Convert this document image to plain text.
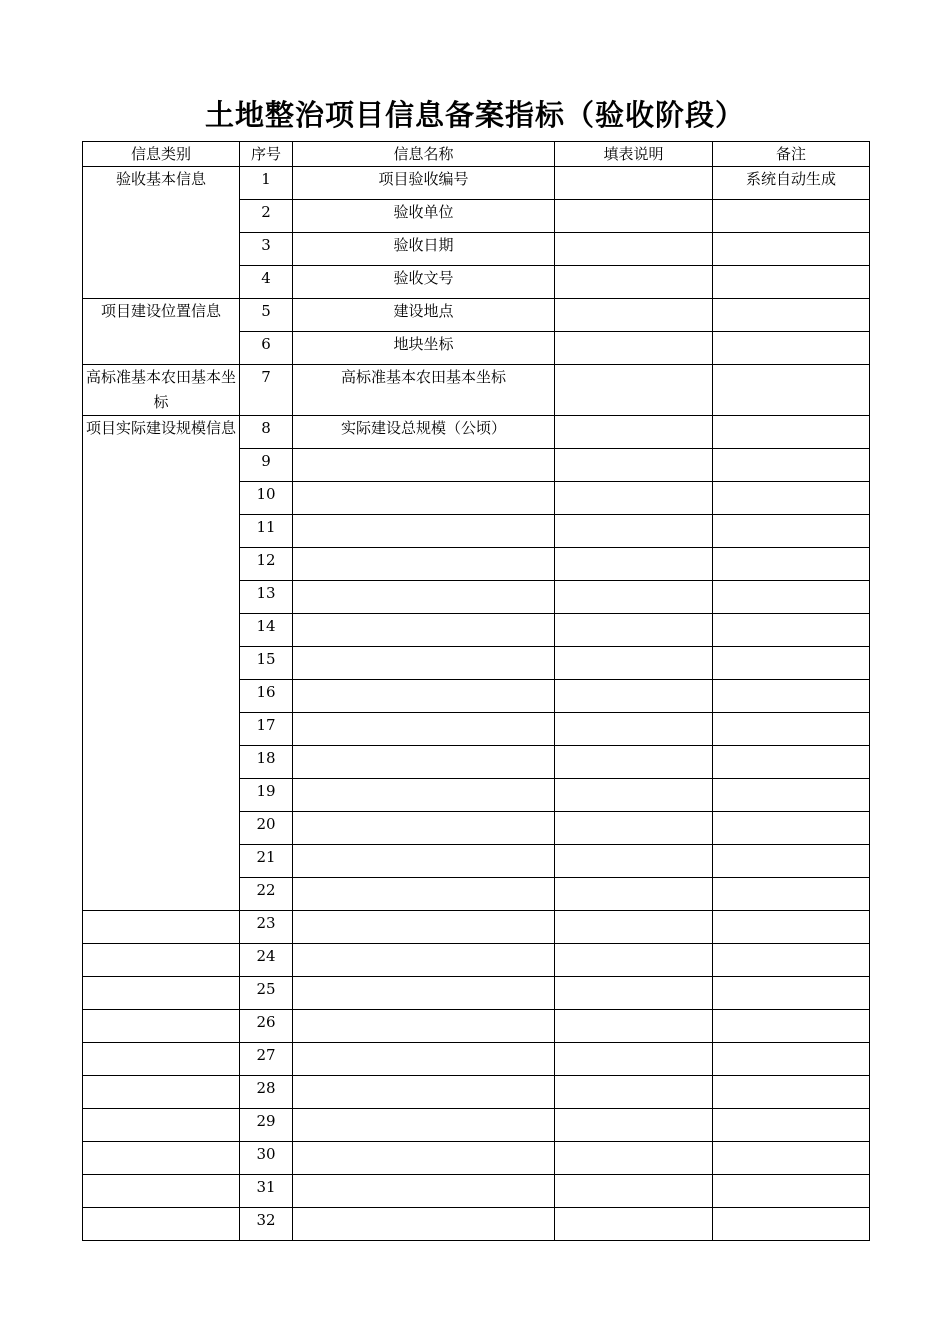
土地整治项目信息备案指标（验收阶段）
信息类别	序号	信息名称	填表说明	备注
验收基本信息	1	项目验收编号		系统自动生成
	2	验收单位		
	3	验收日期		
	4	验收文号		
项目建设位置信息	5	建设地点		
	6	地块坐标		
高标准基本农田基本坐标	7	高标准基本农田基本坐标		
项目实际建设规模信息	8	实际建设总规模（公顷）		
	9			
	10			
	11			
	12			
	13			
	14			
	15			
	16			
	17			
	18			
	19			
	20			
	21			
	22			
	23			
	24			
	25			
	26			
	27			
	28			
	29			
	30			
	31			
	32			
